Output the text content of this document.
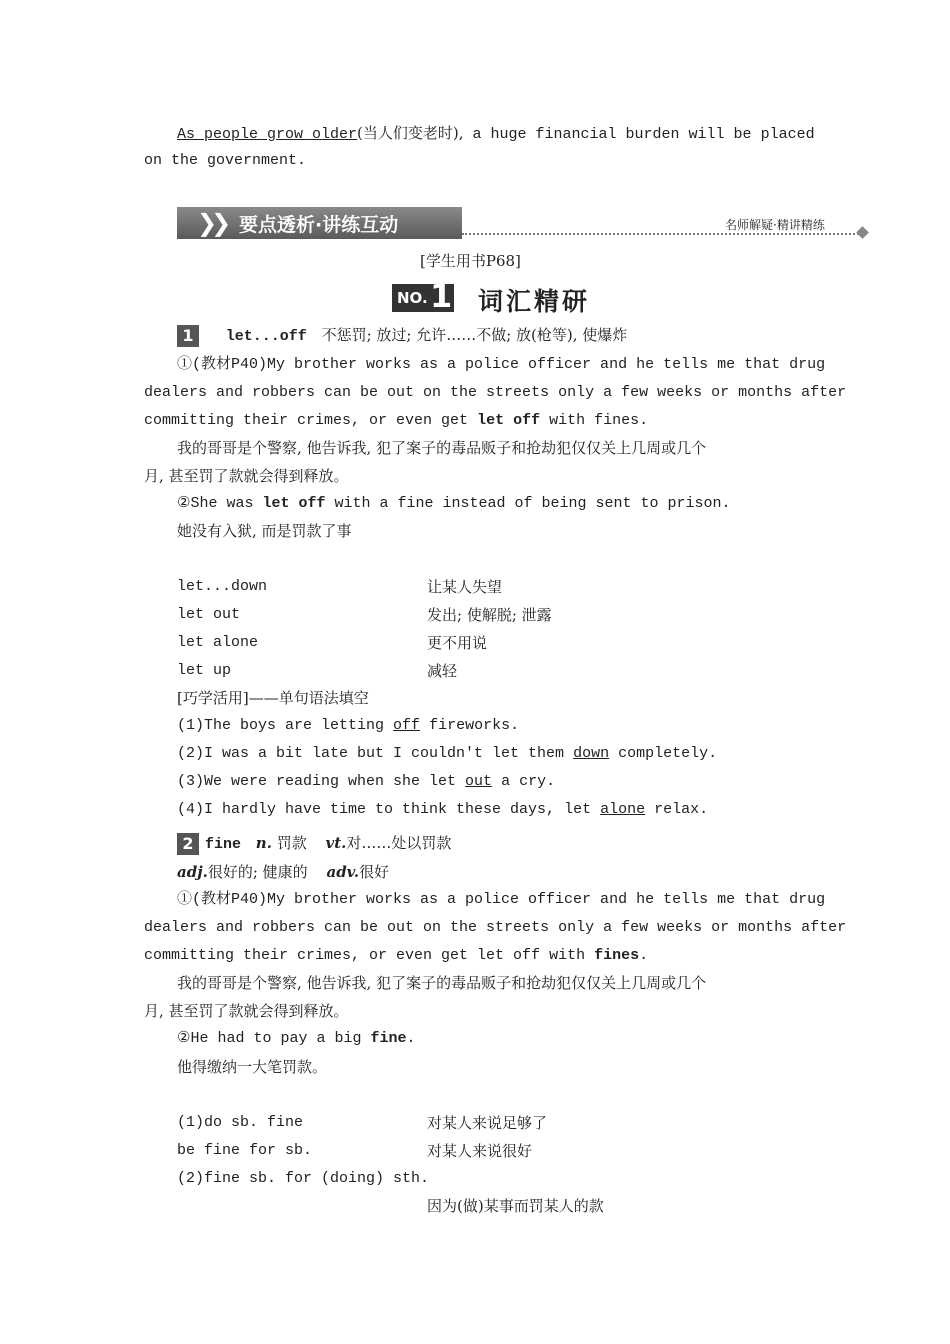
As people grow older(当人们变老时), a huge financial burden will be placed
on the government.
❯❯ 要点透析·讲练互动	名师解疑·精讲精练
[学生用书P68]
NO. 1 词汇精研
1 let...off 不惩罚; 放过; 允许……不做; 放(枪等), 使爆炸
①(教材P40)My brother works as a police officer and he tells me that drug
dealers and robbers can be out on the streets only a few weeks or months after
committing their crimes, or even get let off with fines.
我的哥哥是个警察, 他告诉我, 犯了案子的毒品贩子和抢劫犯仅仅关上几周或几个
月, 甚至罚了款就会得到释放。
②She was let off with a fine instead of being sent to prison.
她没有入狱, 而是罚款了事
let...down	让某人失望
let out	发出; 使解脱; 泄露
let alone	更不用说
let up	减轻
[巧学活用]——单句语法填空
(1)The boys are letting off fireworks.
(2)I was a bit late but I couldn't let them down completely.
(3)We were reading when she let out a cry.
(4)I hardly have time to think these days, let alone relax.
2 fine n. 罚款 vt.对……处以罚款
adj.很好的; 健康的 adv.很好
①(教材P40)My brother works as a police officer and he tells me that drug
dealers and robbers can be out on the streets only a few weeks or months after
committing their crimes, or even get let off with fines.
我的哥哥是个警察, 他告诉我, 犯了案子的毒品贩子和抢劫犯仅仅关上几周或几个
月, 甚至罚了款就会得到释放。
②He had to pay a big fine.
他得缴纳一大笔罚款。
(1)do sb. fine	对某人来说足够了
be fine for sb.	对某人来说很好
(2)fine sb. for (doing) sth.
因为(做)某事而罚某人的款
